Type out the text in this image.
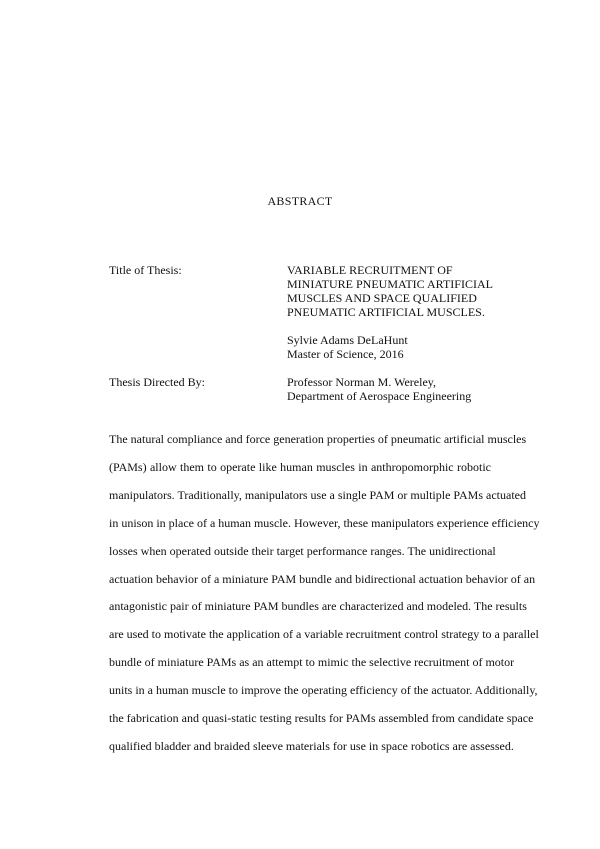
ABSTRACT
Title of Thesis:	VARIABLE RECRUITMENT OF
MINIATURE PNEUMATIC ARTIFICIAL
MUSCLES AND SPACE QUALIFIED
PNEUMATIC ARTIFICIAL MUSCLES.
Sylvie Adams DeLaHunt
Master of Science, 2016
Thesis Directed By:	Professor Norman M. Wereley,
Department of Aerospace Engineering
The natural compliance and force generation properties of pneumatic artificial muscles
(PAMs) allow them to operate like human muscles in anthropomorphic robotic
manipulators. Traditionally, manipulators use a single PAM or multiple PAMs actuated
in unison in place of a human muscle. However, these manipulators experience efficiency
losses when operated outside their target performance ranges. The unidirectional
actuation behavior of a miniature PAM bundle and bidirectional actuation behavior of an
antagonistic pair of miniature PAM bundles are characterized and modeled. The results
are used to motivate the application of a variable recruitment control strategy to a parallel
bundle of miniature PAMs as an attempt to mimic the selective recruitment of motor
units in a human muscle to improve the operating efficiency of the actuator. Additionally,
the fabrication and quasi-static testing results for PAMs assembled from candidate space
qualified bladder and braided sleeve materials for use in space robotics are assessed.
